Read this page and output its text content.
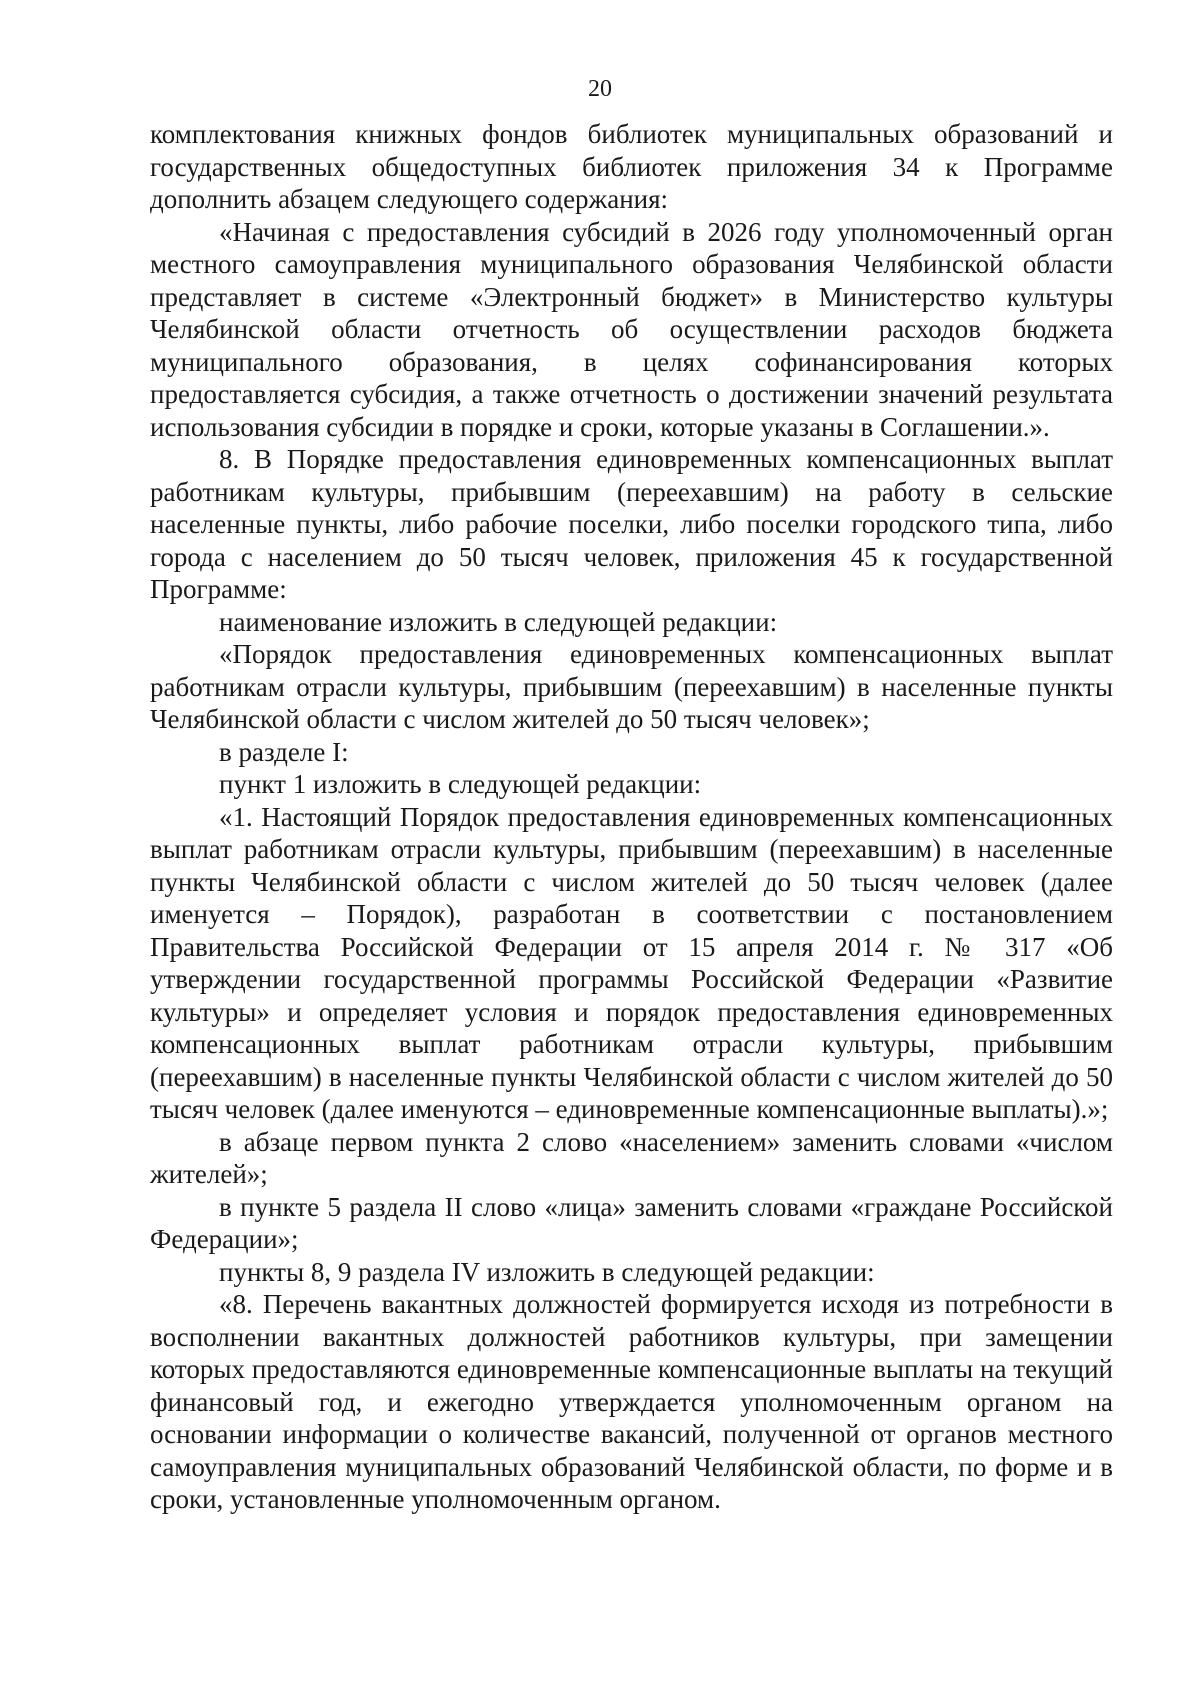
20

комплектования книжных фондов библиотек муниципальных образований и государственных общедоступных библиотек приложения 34 к Программе дополнить абзацем следующего содержания:

«Начиная с предоставления субсидий в 2026 году уполномоченный орган местного самоуправления муниципального образования Челябинской области представляет в системе «Электронный бюджет» в Министерство культуры Челябинской области отчетность об осуществлении расходов бюджета муниципального образования, в целях софинансирования которых предоставляется субсидия, а также отчетность о достижении значений результата использования субсидии в порядке и сроки, которые указаны в Соглашении.».

8. В Порядке предоставления единовременных компенсационных выплат работникам культуры, прибывшим (переехавшим) на работу в сельские населенные пункты, либо рабочие поселки, либо поселки городского типа, либо города с населением до 50 тысяч человек, приложения 45 к государственной Программе:

наименование изложить в следующей редакции:

«Порядок предоставления единовременных компенсационных выплат работникам отрасли культуры, прибывшим (переехавшим) в населенные пункты Челябинской области с числом жителей до 50 тысяч человек»;

в разделе I:

пункт 1 изложить в следующей редакции:

«1. Настоящий Порядок предоставления единовременных компенсационных выплат работникам отрасли культуры, прибывшим (переехавшим) в населенные пункты Челябинской области с числом жителей до 50 тысяч человек (далее именуется – Порядок), разработан в соответствии с постановлением Правительства Российской Федерации от 15 апреля 2014 г. № 317 «Об утверждении государственной программы Российской Федерации «Развитие культуры» и определяет условия и порядок предоставления единовременных компенсационных выплат работникам отрасли культуры, прибывшим (переехавшим) в населенные пункты Челябинской области с числом жителей до 50 тысяч человек (далее именуются – единовременные компенсационные выплаты).»;

в абзаце первом пункта 2 слово «населением» заменить словами «числом жителей»;

в пункте 5 раздела II слово «лица» заменить словами «граждане Российской Федерации»;

пункты 8, 9 раздела IV изложить в следующей редакции:

«8. Перечень вакантных должностей формируется исходя из потребности в восполнении вакантных должностей работников культуры, при замещении которых предоставляются единовременные компенсационные выплаты на текущий финансовый год, и ежегодно утверждается уполномоченным органом на основании информации о количестве вакансий, полученной от органов местного самоуправления муниципальных образований Челябинской области, по форме и в сроки, установленные уполномоченным органом.
